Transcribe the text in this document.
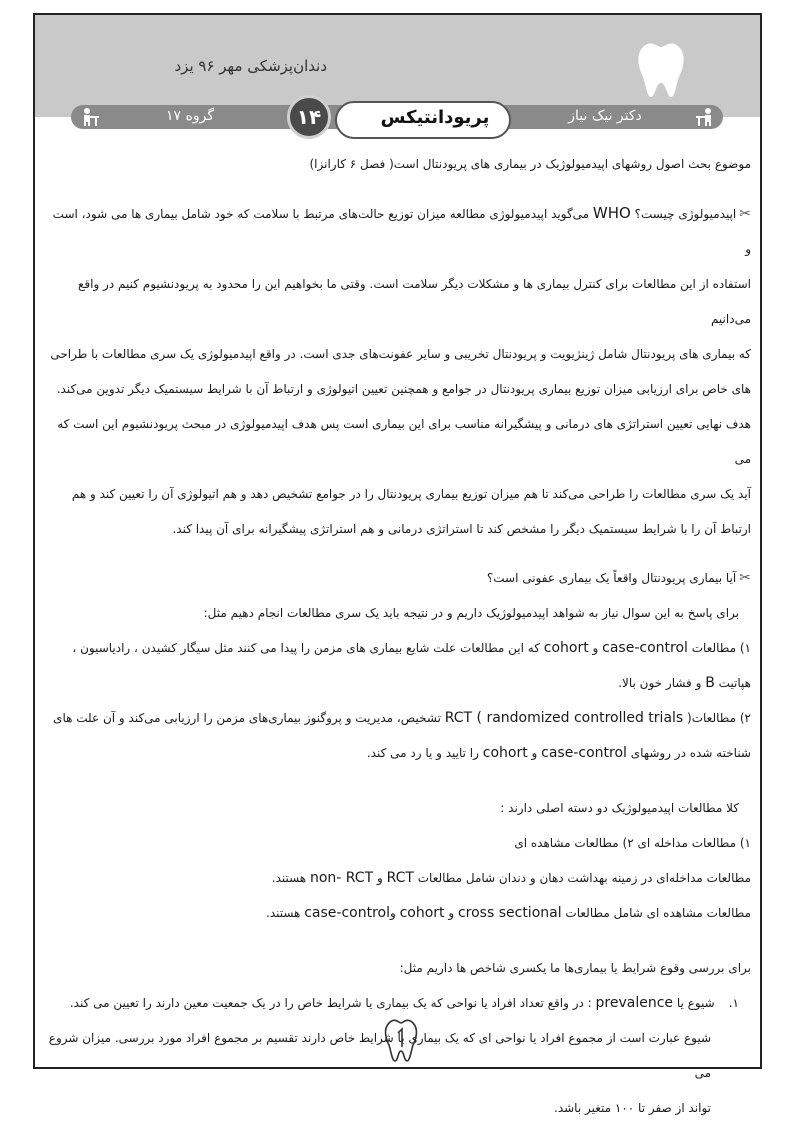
دندان‌پزشکی مهر ۹۶ یزد
گروه ۱۷	پریودانتیکس
۱۴	دکتر نیک نیاز

موضوع بحث اصول روشهای اپیدمیولوژیک در بیماری های پریودنتال است( فصل ۶ کارانزا)

✂اپیدمیولوژی چیست؟ WHO می‌گوید اپیدمیولوژی مطالعه میزان توزیع حالت‌های مرتبط با سلامت که خود شامل بیماری ها می شود، است و

استفاده از این مطالعات برای کنترل بیماری ها و مشکلات دیگر سلامت است. وقتی ما بخواهیم این را محدود به پریودنشیوم کنیم در واقع می‌دانیم

که بیماری های پریودنتال شامل ژینژیویت و پریودنتال تخریبی و سایر عفونت‌های جدی است. در واقع اپیدمیولوژی یک سری مطالعات با طراحی

های خاص برای ارزیابی میزان توزیع بیماری پریودنتال در جوامع و همچنین تعیین اتیولوژی و ارتباط آن با شرایط سیستمیک دیگر تدوین می‌کند.

هدف نهایی تعیین استراتژی های درمانی و پیشگیرانه مناسب برای این بیماری است پس هدف اپیدمیولوژی در مبحث پریودنشیوم این است که می

آید یک سری مطالعات را طراحی می‌کند تا هم میزان توزیع بیماری پریودنتال را در جوامع تشخیص دهد و هم اتیولوژی آن را تعیین کند و هم

ارتباط آن را با شرایط سیستمیک دیگر را مشخص کند تا استراتژی درمانی و هم استراتژی پیشگیرانه برای آن پیدا کند.

✂آیا بیماری پریودنتال واقعاً یک بیماری عفونی است؟

برای پاسخ به این سوال نیاز به شواهد اپیدمیولوژیک داریم و در نتیجه باید یک سری مطالعات انجام دهیم مثل:

۱) مطالعات case-control و cohort که این مطالعات علت شایع بیماری های مزمن را پیدا می کنند مثل سیگار کشیدن ، رادیاسیون ،

هپاتیت B و فشار خون بالا.

۲) مطالعات( RCT ( randomized controlled trials تشخیص، مدیریت و پروگنوز بیماری‌های مزمن را ارزیابی می‌کند و آن علت های

شناخته شده در روشهای case-control و cohort را تایید و یا رد می کند.

کلا مطالعات اپیدمیولوژیک دو دسته اصلی دارند :

۱) مطالعات مداخله ای ۲) مطالعات مشاهده ای

مطالعات مداخله‌ای در زمینه بهداشت دهان و دندان شامل مطالعات RCT و non- RCT هستند.

مطالعات مشاهده ای شامل مطالعات cross sectional و cohort وcase-control هستند.

برای بررسی وقوع شرایط یا بیماری‌ها ما یکسری شاخص ها داریم مثل:

۱.شیوع یا prevalence : در واقع تعداد افراد یا نواحی که یک بیماری یا شرایط خاص را در یک جمعیت معین دارند را تعیین می کند.

شیوع عبارت است از مجموع افراد یا نواحی ای که یک بیماری یا شرایط خاص دارند تقسیم بر مجموع افراد مورد بررسی. میزان شروع می

تواند از صفر تا ۱۰۰ متغیر باشد.
